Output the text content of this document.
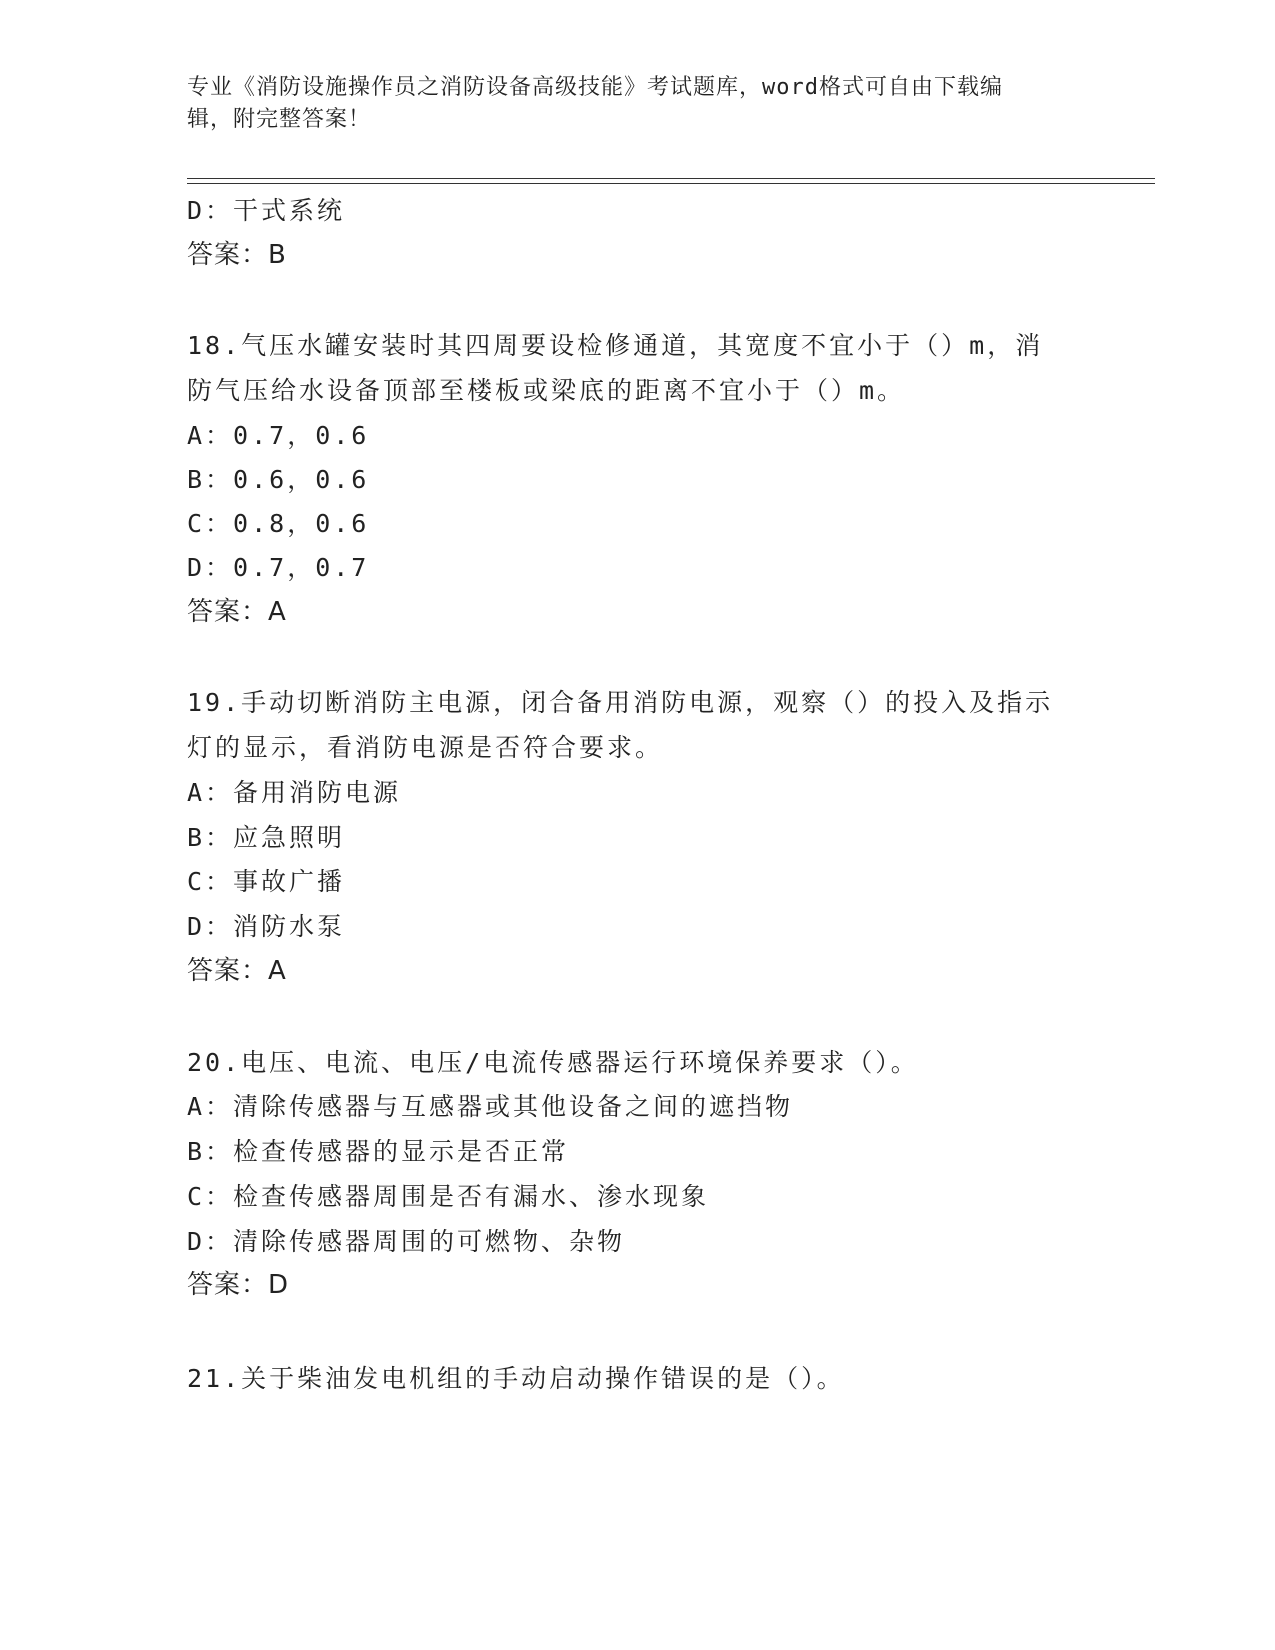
专业《消防设施操作员之消防设备高级技能》考试题库，word格式可自由下载编
辑，附完整答案！
D：干式系统
答案：B
18.气压水罐安装时其四周要设检修通道，其宽度不宜小于（）m，消
防气压给水设备顶部至楼板或梁底的距离不宜小于（）m。
A：0.7，0.6
B：0.6，0.6
C：0.8，0.6
D：0.7，0.7
答案：A
19.手动切断消防主电源，闭合备用消防电源，观察（）的投入及指示
灯的显示，看消防电源是否符合要求。
A：备用消防电源
B：应急照明
C：事故广播
D：消防水泵
答案：A
20.电压、电流、电压/电流传感器运行环境保养要求（）。
A：清除传感器与互感器或其他设备之间的遮挡物
B：检查传感器的显示是否正常
C：检查传感器周围是否有漏水、渗水现象
D：清除传感器周围的可燃物、杂物
答案：D
21.关于柴油发电机组的手动启动操作错误的是（）。
